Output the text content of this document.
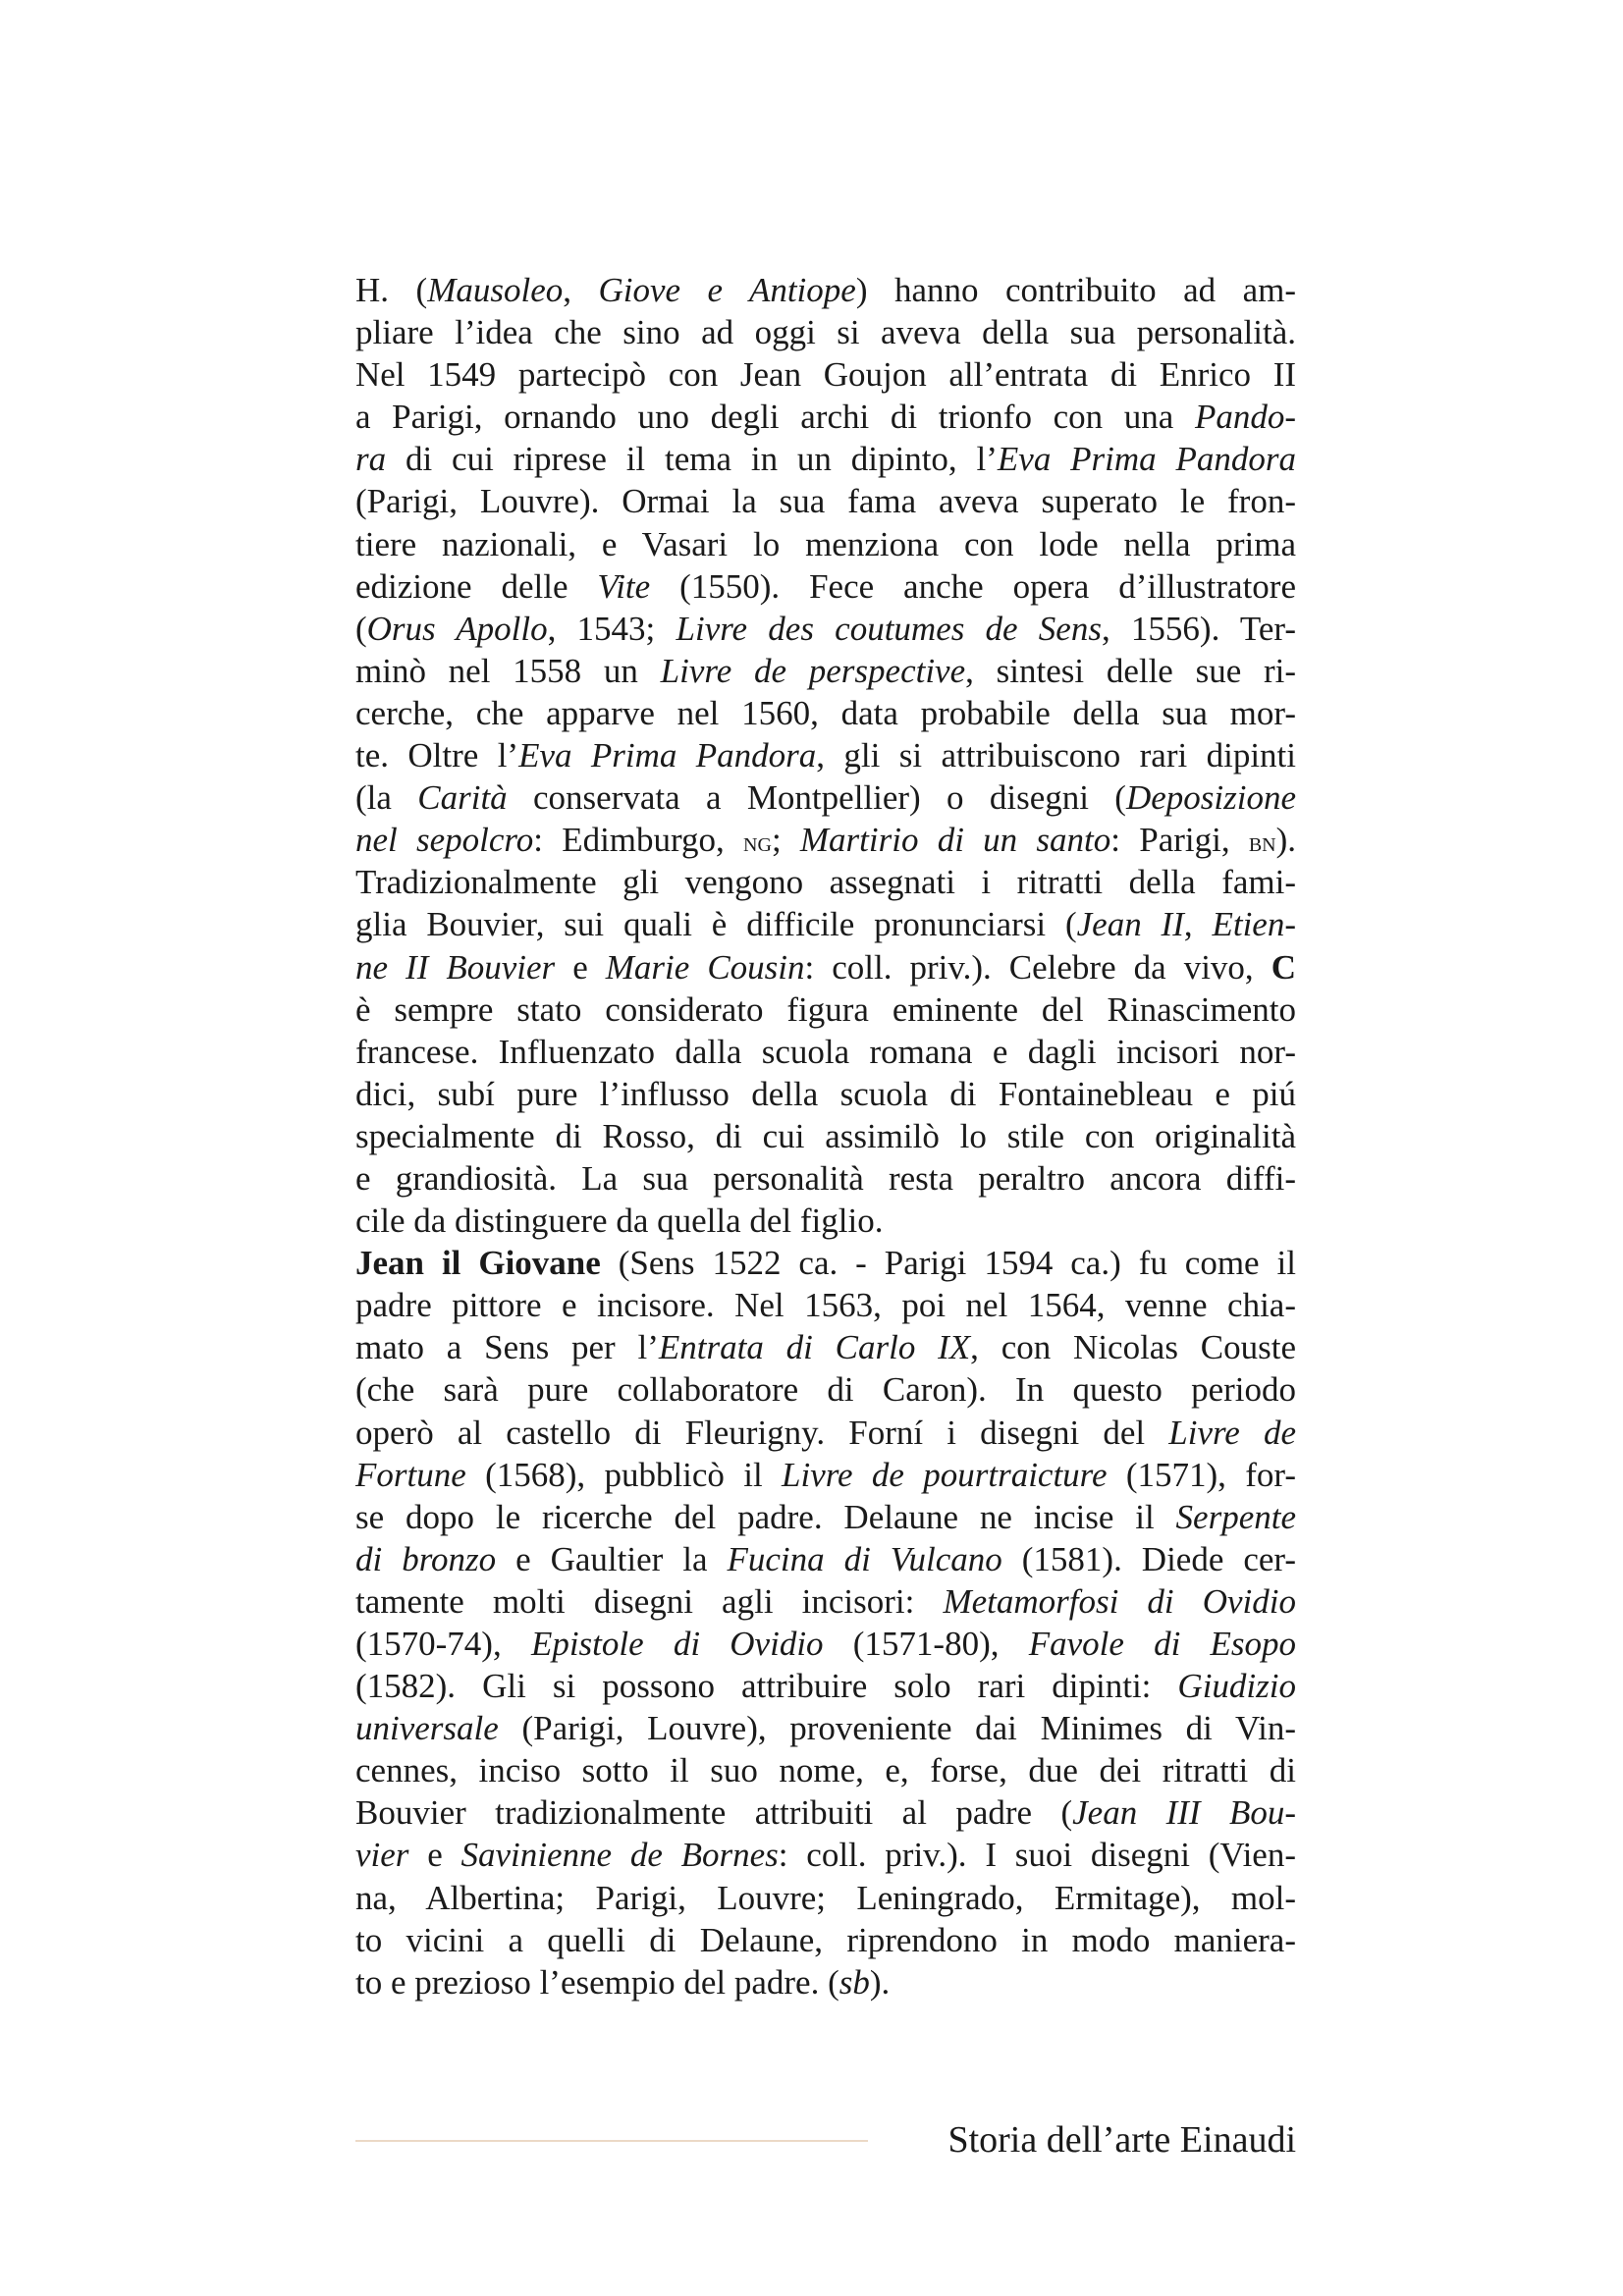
H. (Mausoleo, Giove e Antiope) hanno contribuito ad am-
pliare l’idea che sino ad oggi si aveva della sua personalità.
Nel 1549 partecipò con Jean Goujon all’entrata di Enrico II
a Parigi, ornando uno degli archi di trionfo con una Pando-
ra di cui riprese il tema in un dipinto, l’Eva Prima Pandora
(Parigi, Louvre). Ormai la sua fama aveva superato le fron-
tiere nazionali, e Vasari lo menziona con lode nella prima
edizione delle Vite (1550). Fece anche opera d’illustratore
(Orus Apollo, 1543; Livre des coutumes de Sens, 1556). Ter-
minò nel 1558 un Livre de perspective, sintesi delle sue ri-
cerche, che apparve nel 1560, data probabile della sua mor-
te. Oltre l’Eva Prima Pandora, gli si attribuiscono rari dipinti
(la Carità conservata a Montpellier) o disegni (Deposizione
nel sepolcro: Edimburgo, ng; Martirio di un santo: Parigi, bn).
Tradizionalmente gli vengono assegnati i ritratti della fami-
glia Bouvier, sui quali è difficile pronunciarsi (Jean II, Etien-
ne II Bouvier e Marie Cousin: coll. priv.). Celebre da vivo, C
è sempre stato considerato figura eminente del Rinascimento
francese. Influenzato dalla scuola romana e dagli incisori nor-
dici, subí pure l’influsso della scuola di Fontainebleau e piú
specialmente di Rosso, di cui assimilò lo stile con originalità
e grandiosità. La sua personalità resta peraltro ancora diffi-
cile da distinguere da quella del figlio.
Jean il Giovane (Sens 1522 ca. - Parigi 1594 ca.) fu come il
padre pittore e incisore. Nel 1563, poi nel 1564, venne chia-
mato a Sens per l’Entrata di Carlo IX, con Nicolas Couste
(che sarà pure collaboratore di Caron). In questo periodo
operò al castello di Fleurigny. Forní i disegni del Livre de
Fortune (1568), pubblicò il Livre de pourtraicture (1571), for-
se dopo le ricerche del padre. Delaune ne incise il Serpente
di bronzo e Gaultier la Fucina di Vulcano (1581). Diede cer-
tamente molti disegni agli incisori: Metamorfosi di Ovidio
(1570-74), Epistole di Ovidio (1571-80), Favole di Esopo
(1582). Gli si possono attribuire solo rari dipinti: Giudizio
universale (Parigi, Louvre), proveniente dai Minimes di Vin-
cennes, inciso sotto il suo nome, e, forse, due dei ritratti di
Bouvier tradizionalmente attribuiti al padre (Jean III Bou-
vier e Savinienne de Bornes: coll. priv.). I suoi disegni (Vien-
na, Albertina; Parigi, Louvre; Leningrado, Ermitage), mol-
to vicini a quelli di Delaune, riprendono in modo maniera-
to e prezioso l’esempio del padre. (sb).
Storia dell’arte Einaudi
